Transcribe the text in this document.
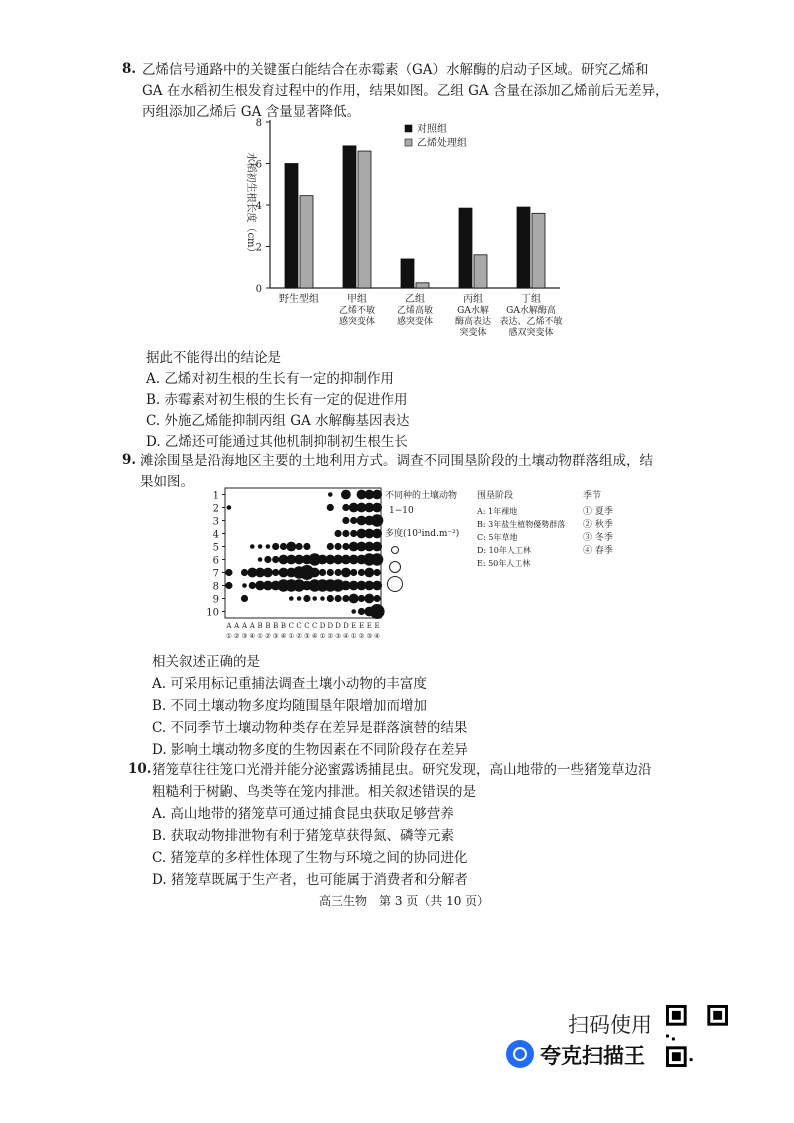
8. 乙烯信号通路中的关键蛋白能结合在赤霉素（GA）水解酶的启动子区域。研究乙烯和
GA 在水稻初生根发育过程中的作用，结果如图。乙组 GA 含量在添加乙烯前后无差异，
丙组添加乙烯后 GA 含量显著降低。
0
2
4
6
8
水稻初生根长度（cm）
野生型组	甲组
乙烯不敏
感突变体
乙组
乙烯高敏
感突变体
丙组
GA水解
酶高表达
突变体
丁组
GA水解酶高
表达、乙烯不敏
感双突变体
对照组
乙烯处理组
据此不能得出的结论是
A. 乙烯对初生根的生长有一定的抑制作用
B. 赤霉素对初生根的生长有一定的促进作用
C. 外施乙烯能抑制丙组 GA 水解酶基因表达
D. 乙烯还可能通过其他机制抑制初生根生长
9. 滩涂围垦是沿海地区主要的土地利用方式。调查不同围垦阶段的土壤动物群落组成，结
果如图。
1
2
3
4
5
6
7
8
9
10
A
①
A
②
A
③
A
④
B
①
B
②
B
③
B
④
C
①
C
②
C
③
C
④
D
①
D
②
D
③
D
④
E
①
E
②
E
③
E
④
不同种的土壤动物
1−10
多度(10³ind.m⁻²)
围垦阶段
A: 1年裸地
B: 3年盐生植物優勢群落
C: 5年草地
D: 10年人工林
E: 50年人工林
季节
① 夏季
② 秋季
③ 冬季
④ 春季
相关叙述正确的是
A. 可采用标记重捕法调查土壤小动物的丰富度
B. 不同土壤动物多度均随围垦年限增加而增加
C. 不同季节土壤动物种类存在差异是群落演替的结果
D. 影响土壤动物多度的生物因素在不同阶段存在差异
10. 猪笼草往往笼口光滑并能分泌蜜露诱捕昆虫。研究发现，高山地带的一些猪笼草边沿
粗糙利于树鼩、鸟类等在笼内排泄。相关叙述错误的是
A. 高山地带的猪笼草可通过捕食昆虫获取足够营养
B. 获取动物排泄物有利于猪笼草获得氮、磷等元素
C. 猪笼草的多样性体现了生物与环境之间的协同进化
D. 猪笼草既属于生产者，也可能属于消费者和分解者
高三生物　第 3 页（共 10 页）
扫码使用
夸克扫描王
